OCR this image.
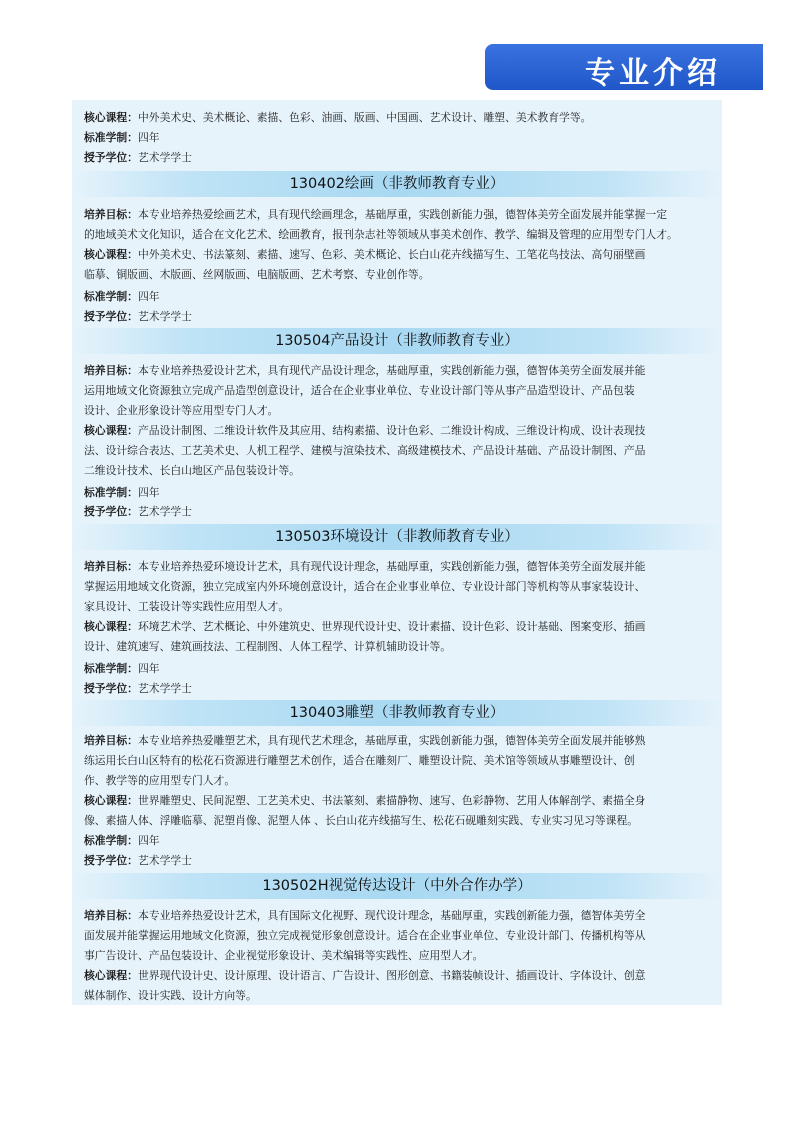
专业介绍
核心课程：中外美术史、美术概论、素描、色彩、油画、版画、中国画、艺术设计、雕塑、美术教育学等。
标准学制：四年
授予学位：艺术学学士
130402绘画（非教师教育专业）
培养目标：本专业培养热爱绘画艺术，具有现代绘画理念，基础厚重，实践创新能力强，德智体美劳全面发展并能掌握一定
的地域美术文化知识，适合在文化艺术、绘画教育，报刊杂志社等领域从事美术创作、教学、编辑及管理的应用型专门人才。
核心课程：中外美术史、书法篆刻、素描、速写、色彩、美术概论、长白山花卉线描写生、工笔花鸟技法、高句丽壁画
临摹、铜版画、木版画、丝网版画、电脑版画、艺术考察、专业创作等。
标准学制：四年
授予学位：艺术学学士
130504产品设计（非教师教育专业）
培养目标：本专业培养热爱设计艺术，具有现代产品设计理念，基础厚重，实践创新能力强，德智体美劳全面发展并能
运用地域文化资源独立完成产品造型创意设计，适合在企业事业单位、专业设计部门等从事产品造型设计、产品包装
设计、企业形象设计等应用型专门人才。
核心课程：产品设计制图、二维设计软件及其应用、结构素描、设计色彩、二维设计构成、三维设计构成、设计表现技
法、设计综合表达、工艺美术史、人机工程学、建模与渲染技术、高级建模技术、产品设计基础、产品设计制图、产品
二维设计技术、长白山地区产品包装设计等。
标准学制：四年
授予学位：艺术学学士
130503环境设计（非教师教育专业）
培养目标：本专业培养热爱环境设计艺术，具有现代设计理念，基础厚重，实践创新能力强，德智体美劳全面发展并能
掌握运用地域文化资源，独立完成室内外环境创意设计，适合在企业事业单位、专业设计部门等机构等从事家装设计、
家具设计、工装设计等实践性应用型人才。
核心课程：环境艺术学、艺术概论、中外建筑史、世界现代设计史、设计素描、设计色彩、设计基础、图案变形、插画
设计、建筑速写、建筑画技法、工程制图、人体工程学、计算机辅助设计等。
标准学制：四年
授予学位：艺术学学士
130403雕塑（非教师教育专业）
培养目标：本专业培养热爱雕塑艺术，具有现代艺术理念，基础厚重，实践创新能力强，德智体美劳全面发展并能够熟
练运用长白山区特有的松花石资源进行雕塑艺术创作，适合在雕刻厂、雕塑设计院、美术馆等领域从事雕塑设计、创
作、教学等的应用型专门人才。
核心课程：世界雕塑史、民间泥塑、工艺美术史、书法篆刻、素描静物、速写、色彩静物、艺用人体解剖学、素描全身
像、素描人体、浮雕临摹、泥塑肖像、泥塑人体 、长白山花卉线描写生、松花石砚雕刻实践、专业实习见习等课程。
标准学制：四年
授予学位：艺术学学士
130502H视觉传达设计（中外合作办学）
培养目标：本专业培养热爱设计艺术，具有国际文化视野、现代设计理念，基础厚重，实践创新能力强，德智体美劳全
面发展并能掌握运用地域文化资源，独立完成视觉形象创意设计。适合在企业事业单位、专业设计部门、传播机构等从
事广告设计、产品包装设计、企业视觉形象设计、美术编辑等实践性、应用型人才。
核心课程：世界现代设计史、设计原理、设计语言、广告设计、图形创意、书籍装帧设计、插画设计、字体设计、创意
媒体制作、设计实践、设计方向等。
